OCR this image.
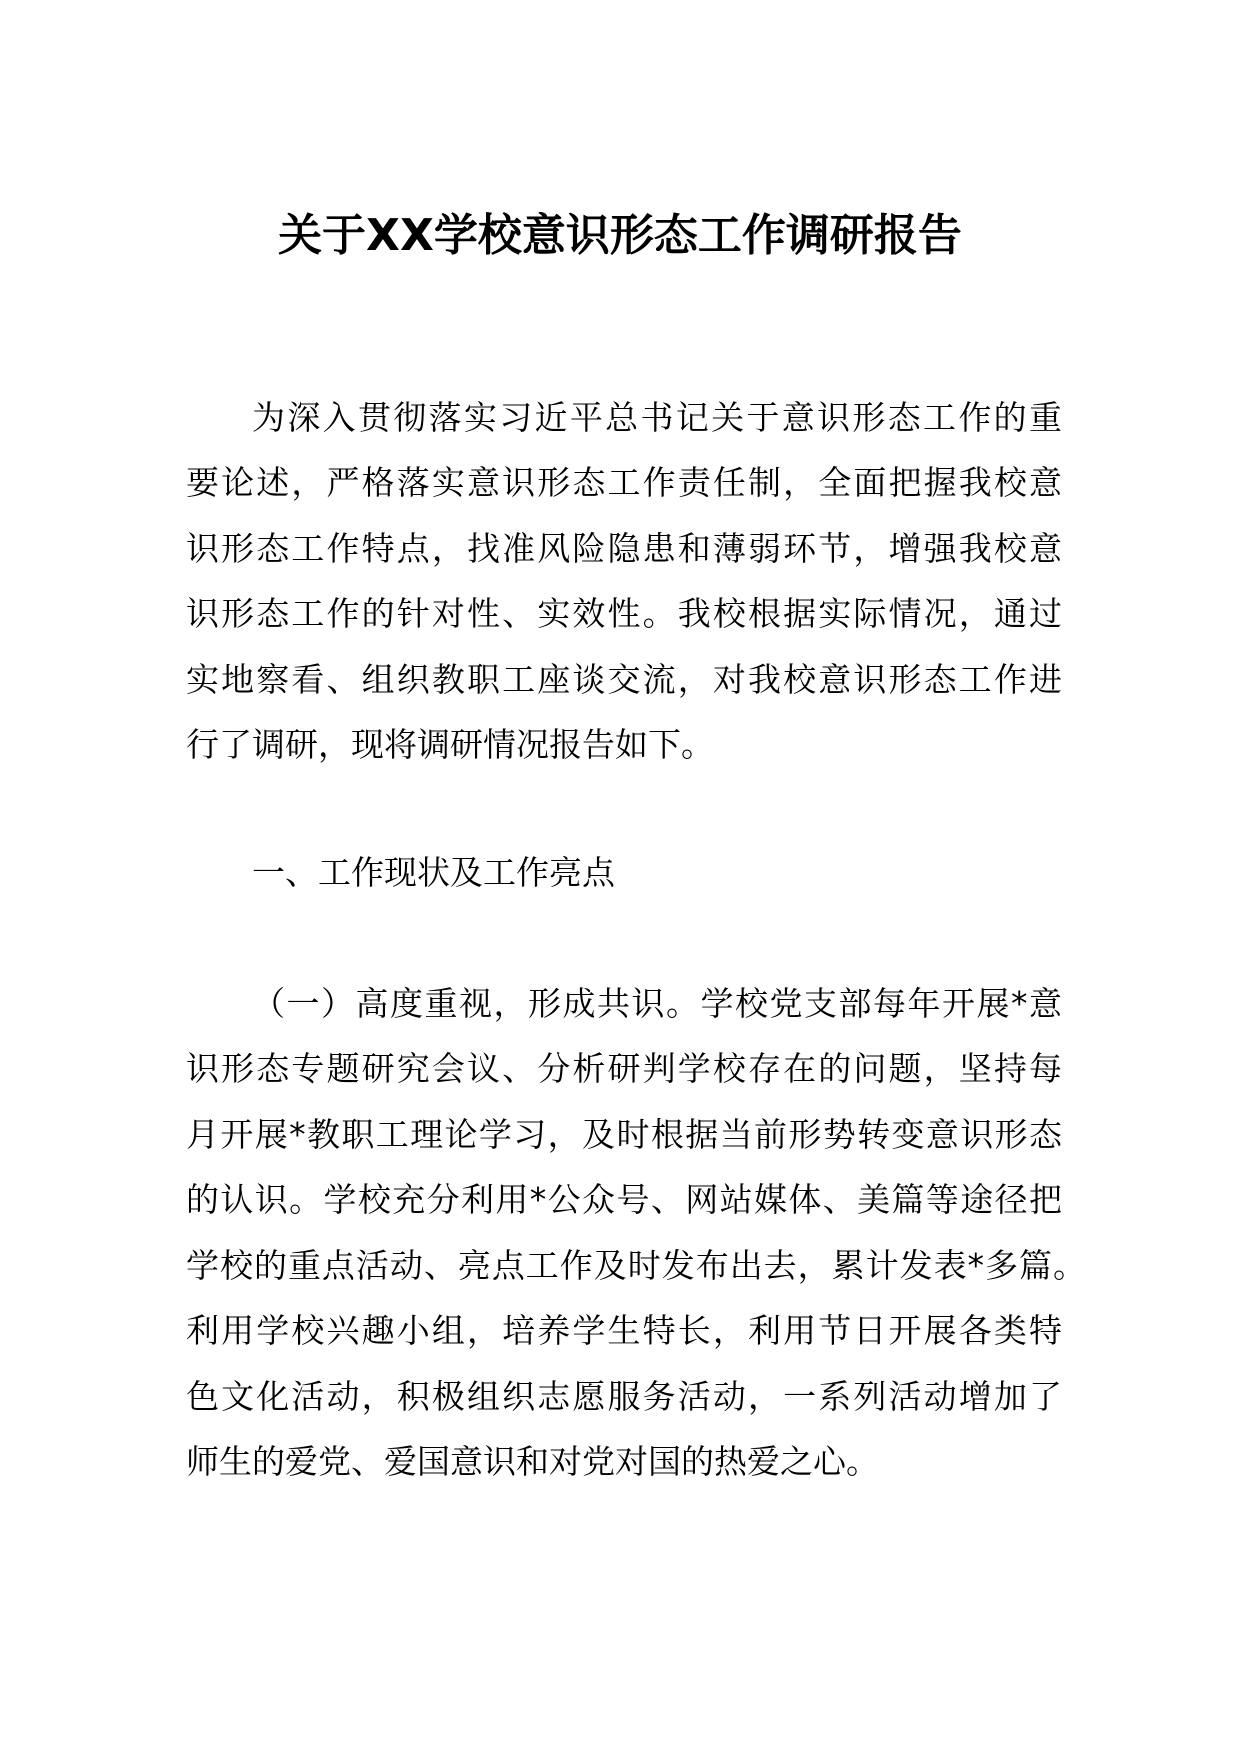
关于XX学校意识形态工作调研报告
为深入贯彻落实习近平总书记关于意识形态工作的重
要论述，严格落实意识形态工作责任制，全面把握我校意
识形态工作特点，找准风险隐患和薄弱环节，增强我校意
识形态工作的针对性、实效性。我校根据实际情况，通过
实地察看、组织教职工座谈交流，对我校意识形态工作进
行了调研，现将调研情况报告如下。
一、工作现状及工作亮点
（一）高度重视，形成共识。学校党支部每年开展*意
识形态专题研究会议、分析研判学校存在的问题，坚持每
月开展*教职工理论学习，及时根据当前形势转变意识形态
的认识。学校充分利用*公众号、网站媒体、美篇等途径把
学校的重点活动、亮点工作及时发布出去，累计发表*多篇。
利用学校兴趣小组，培养学生特长，利用节日开展各类特
色文化活动，积极组织志愿服务活动，一系列活动增加了
师生的爱党、爱国意识和对党对国的热爱之心。
